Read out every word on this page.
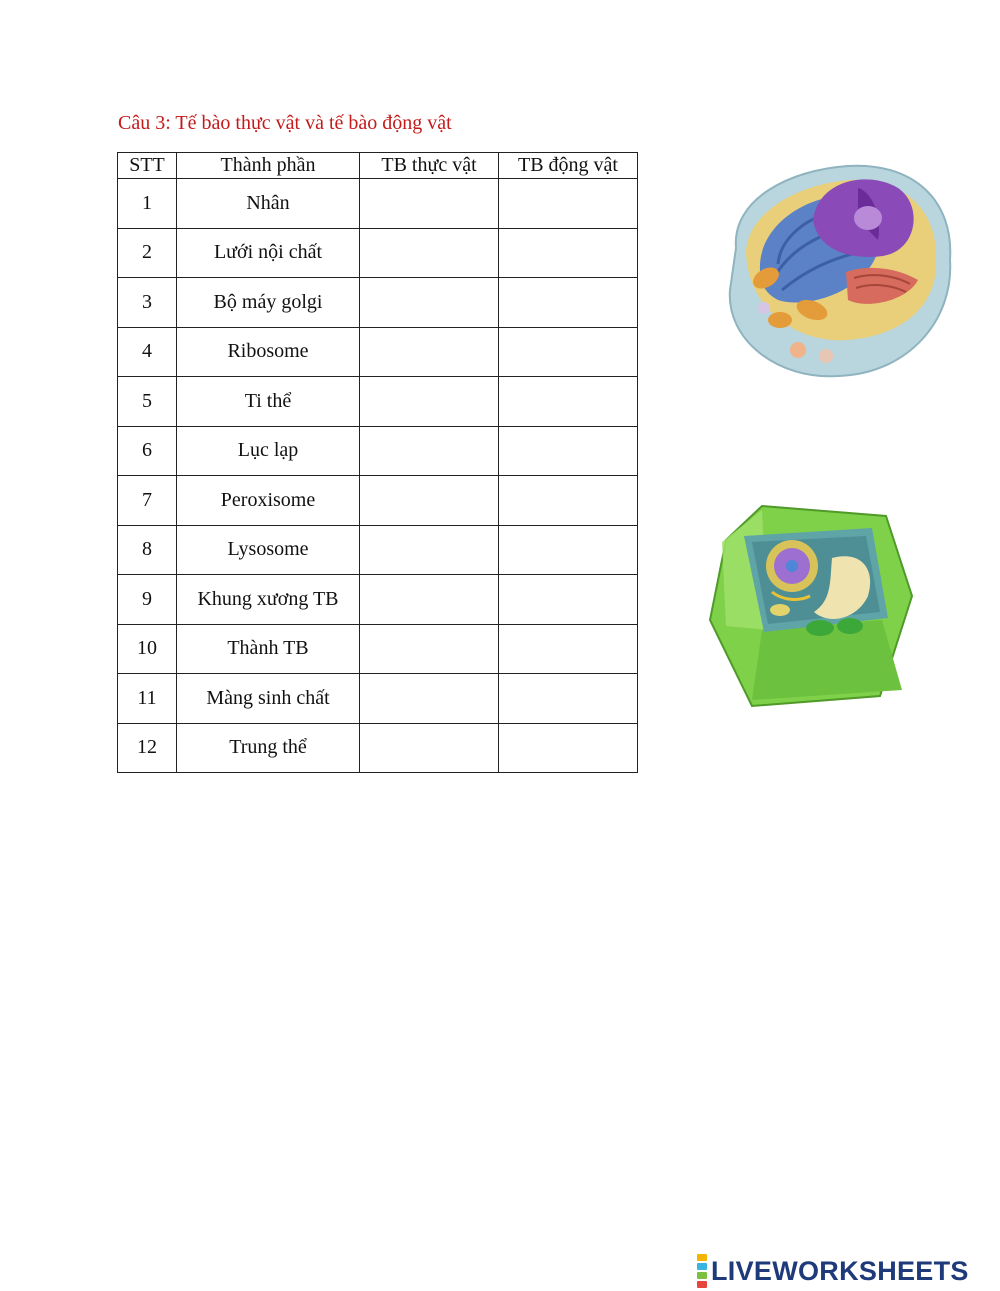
Câu 3: Tế bào thực vật và tế bào động vật
STT	Thành phần	TB thực vật	TB động vật
1	Nhân		
2	Lưới nội chất		
3	Bộ máy golgi		
4	Ribosome		
5	Ti thể		
6	Lục lạp		
7	Peroxisome		
8	Lysosome		
9	Khung xương TB		
10	Thành TB		
11	Màng sinh chất		
12	Trung thể		
LIVEWORKSHEETS
